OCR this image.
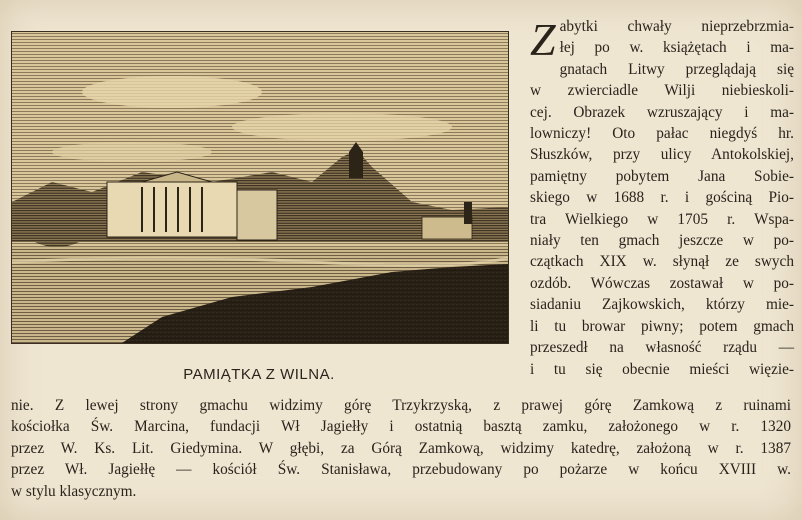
PAMIĄTKA Z WILNA.
Z abytki chwały nieprzebrzmia-
łej po w. książętach i ma-
gnatach Litwy przeglądają się
w zwierciadle Wilji niebieskoli-
cej. Obrazek wzruszający i ma-
lowniczy! Oto pałac niegdyś hr.
Słuszków, przy ulicy Antokolskiej,
pamiętny pobytem Jana Sobie-
skiego w 1688 r. i gościną Pio-
tra Wielkiego w 1705 r. Wspa-
niały ten gmach jeszcze w po-
czątkach XIX w. słynął ze swych
ozdób. Wówczas zostawał w po-
siadaniu Zajkowskich, którzy mie-
li tu browar piwny; potem gmach
przeszedł na własność rządu —
i tu się obecnie mieści więzie-
nie. Z lewej strony gmachu widzimy górę Trzykrzyską, z prawej górę Zamkową z ruinami
kościołka Św. Marcina, fundacji Wł Jagiełły i ostatnią basztą zamku, założonego w r. 1320
przez W. Ks. Lit. Giedymina. W głębi, za Górą Zamkową, widzimy katedrę, założoną w r. 1387
przez Wł. Jagiełłę — kościół Św. Stanisława, przebudowany po pożarze w końcu XVIII w.
w stylu klasycznym.
